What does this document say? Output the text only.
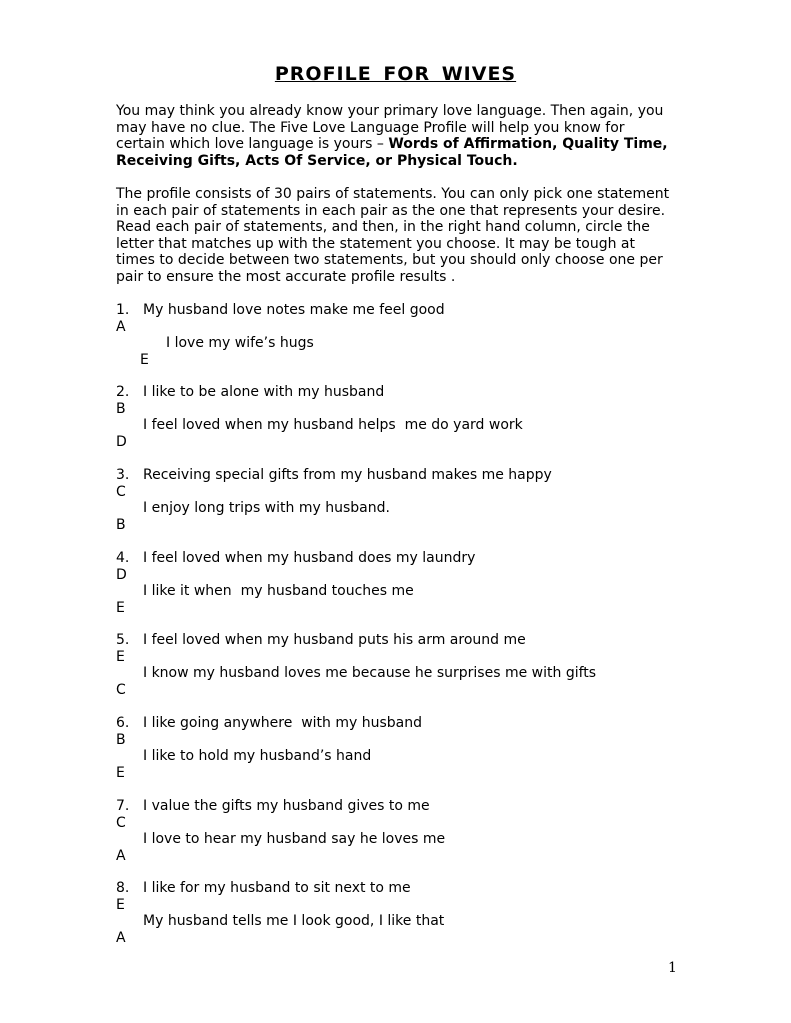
PROFILE FOR WIVES

You may think you already know your primary love language. Then again, you may have no clue. The Five Love Language Profile will help you know for certain which love language is yours – Words of Affirmation, Quality Time, Receiving Gifts, Acts Of Service, or Physical Touch.

The profile consists of 30 pairs of statements. You can only pick one statement in each pair of statements in each pair as the one that represents your desire. Read each pair of statements, and then, in the right hand column, circle the letter that matches up with the statement you choose. It may be tough at times to decide between two statements, but you should only choose one per pair to ensure the most accurate profile results .

1. My husband love notes make me feel good
A
I love my wife’s hugs
E
2. I like to be alone with my husband
B
I feel loved when my husband helps  me do yard work
D
3. Receiving special gifts from my husband makes me happy
C
I enjoy long trips with my husband.
B
4. I feel loved when my husband does my laundry
D
I like it when  my husband touches me
E
5. I feel loved when my husband puts his arm around me
E
I know my husband loves me because he surprises me with gifts
C
6. I like going anywhere  with my husband
B
I like to hold my husband’s hand
E
7. I value the gifts my husband gives to me
C
I love to hear my husband say he loves me
A
8. I like for my husband to sit next to me
E
My husband tells me I look good, I like that
A
1
